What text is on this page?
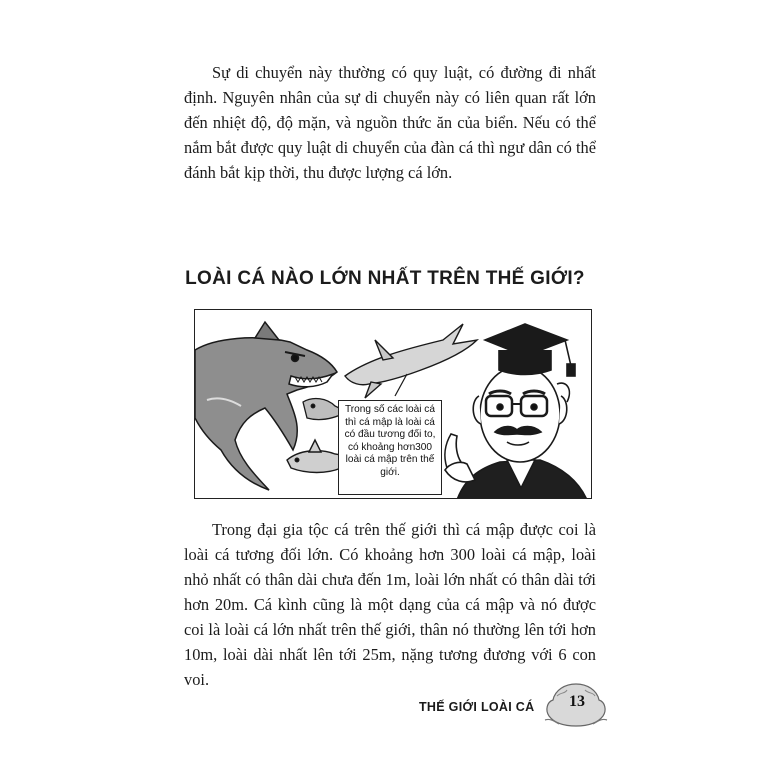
Sự di chuyển này thường có quy luật, có đường đi nhất định. Nguyên nhân của sự di chuyển này có liên quan rất lớn đến nhiệt độ, độ mặn, và nguồn thức ăn của biển. Nếu có thể nắm bắt được quy luật di chuyển của đàn cá thì ngư dân có thể đánh bắt kịp thời, thu được lượng cá lớn.

LOÀI CÁ NÀO LỚN NHẤT TRÊN THẾ GIỚI?
Trong số các loài cá thì cá mập là loài cá có đầu tương đối to, có khoảng hơn300 loài cá mập trên thế giới.

Trong đại gia tộc cá trên thế giới thì cá mập được coi là loài cá tương đối lớn. Có khoảng hơn 300 loài cá mập, loài nhỏ nhất có thân dài chưa đến 1m, loài lớn nhất có thân dài tới hơn 20m. Cá kình cũng là một dạng của cá mập và nó được coi là loài cá lớn nhất trên thế giới, thân nó thường lên tới hơn 10m, loài dài nhất lên tới 25m, nặng tương đương với 6 con voi.

THẾ GIỚI LOÀI CÁ	13
